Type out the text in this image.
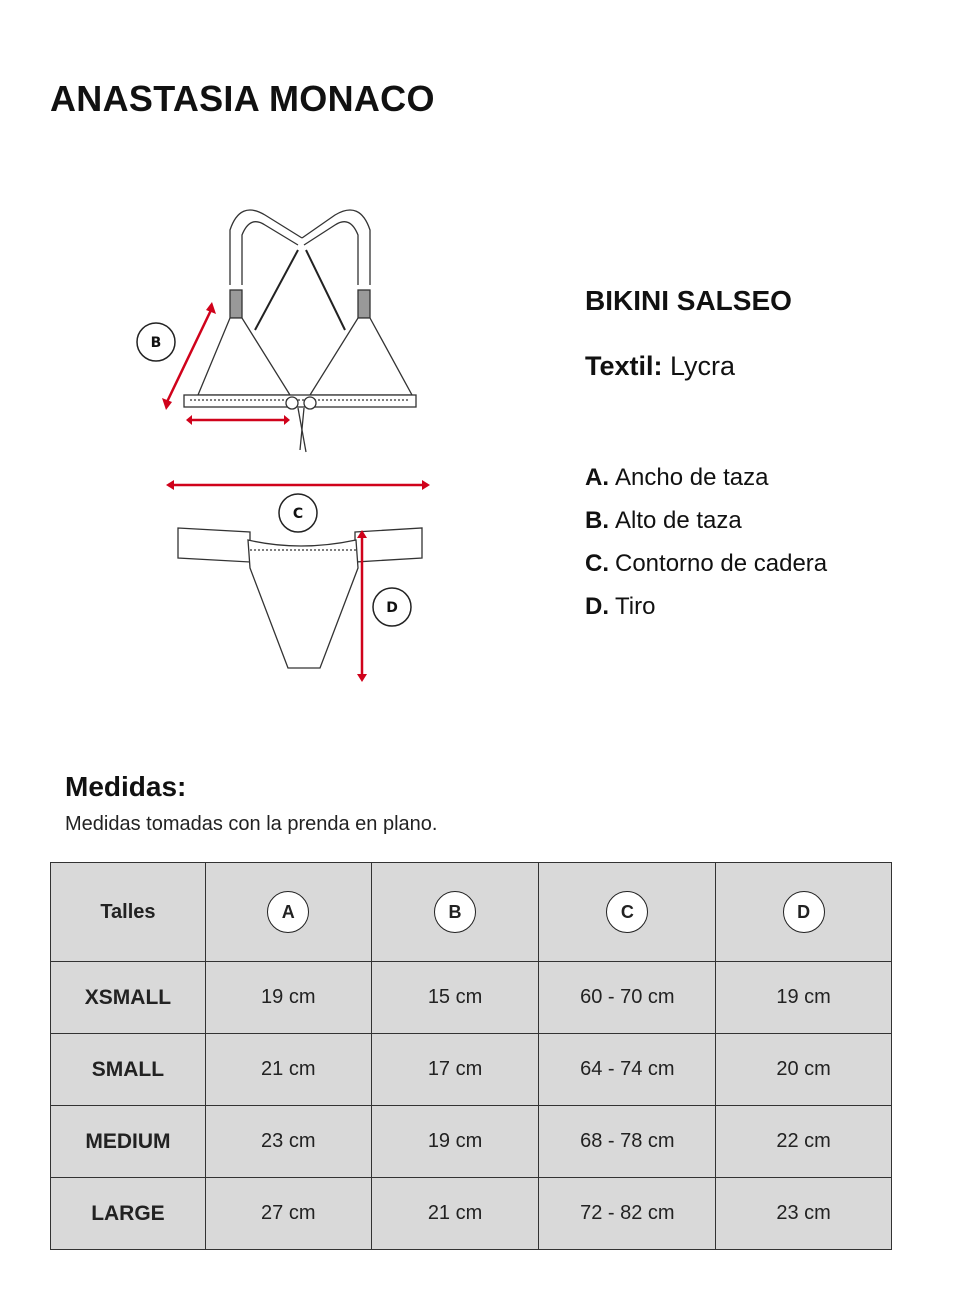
ANASTASIA MONACO
B
C
D
BIKINI SALSEO
Textil: Lycra
A. Ancho de taza
B. Alto de taza
C. Contorno de cadera
D. Tiro
Medidas:
Medidas tomadas con la prenda en plano.
Talles	A	B	C	D
XSMALL	19 cm	15 cm	60 - 70 cm	19 cm
SMALL	21 cm	17 cm	64 - 74 cm	20 cm
MEDIUM	23 cm	19 cm	68 - 78 cm	22 cm
LARGE	27 cm	21 cm	72 - 82 cm	23 cm
